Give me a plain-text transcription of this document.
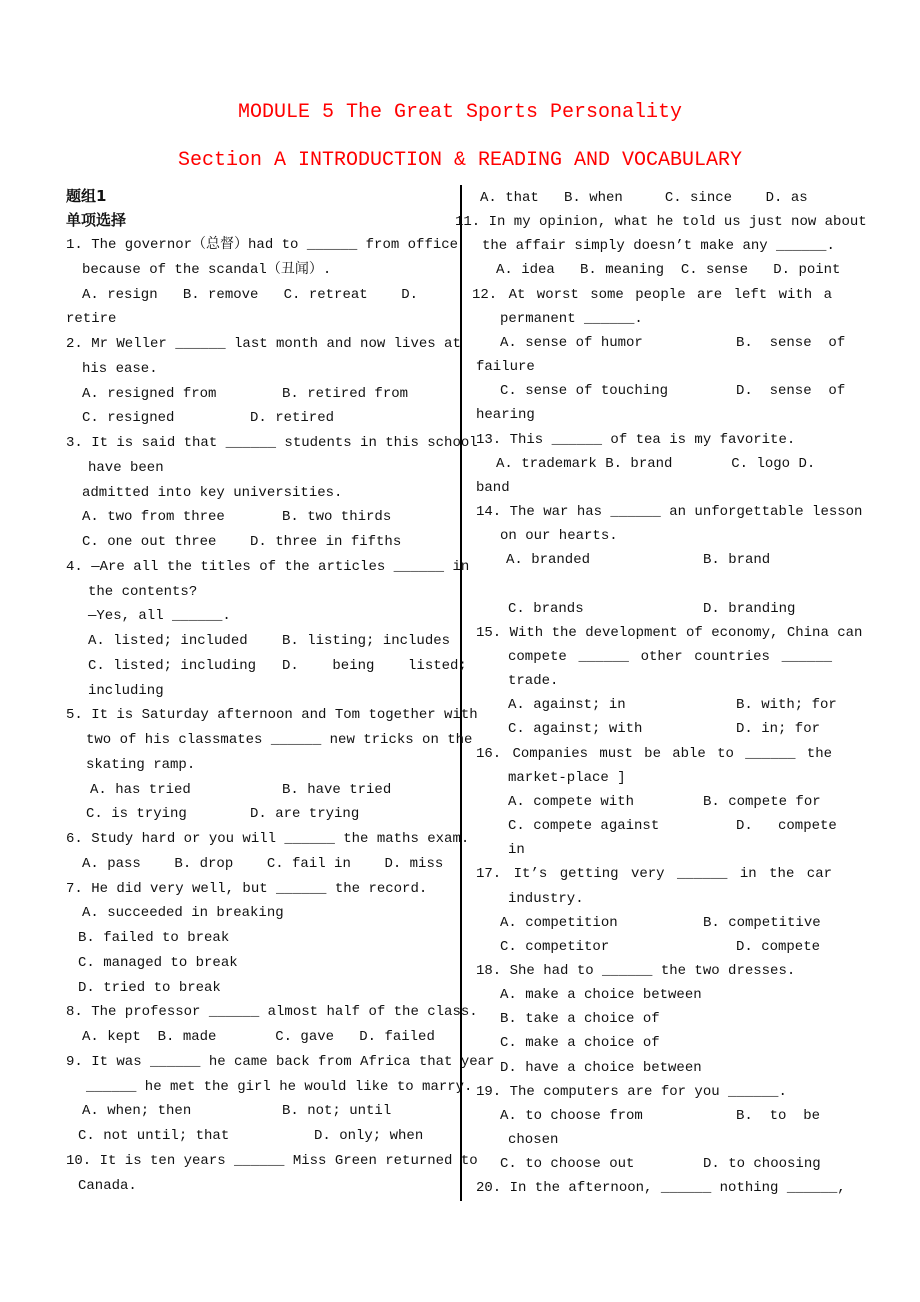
MODULE 5 The Great Sports Personality
Section A INTRODUCTION & READING AND VOCABULARY
题组1
单项选择
1. The governor（总督）had to ______ from office
because of the scandal（丑闻）.
A. resign   B. remove   C. retreat    D.
retire
2. Mr Weller ______ last month and now lives at
his ease.
A. resigned from	B. retired from
C. resigned	D. retired
3. It is said that ______ students in this school
have been
admitted into key universities.
A. two from three	B. two thirds
C. one out three D. three in fifths
4. —Are all the titles of the articles ______ in
the contents?
—Yes, all ______.
A. listed; included B. listing; includes
C. listed; including D.    being    listed;
including
5. It is Saturday afternoon and Tom together with
two of his classmates ______ new tricks on the
skating ramp.
A. has tried	B. have tried
C. is trying	D. are trying
6. Study hard or you will ______ the maths exam.
A. pass    B. drop    C. fail in    D. miss
7. He did very well, but ______ the record.
A. succeeded in breaking
B. failed to break
C. managed to break
D. tried to break
8. The professor ______ almost half of the class.
A. kept  B. made       C. gave   D. failed
9. It was ______ he came back from Africa that year
______ he met the girl he would like to marry.
A. when; then	B. not; until
C. not until; that	D. only; when
10. It is ten years ______ Miss Green returned to
Canada.
A. that   B. when     C. since    D. as
11. In my opinion, what he told us just now about
the affair simply doesn’t make any ______.
A. idea   B. meaning  C. sense   D. point
12. At worst some people are left with a
permanent ______.
A. sense of humor	B.  sense  of
failure
C. sense of touching	D.  sense  of
hearing
13. This ______ of tea is my favorite.
A. trademark B. brand       C. logo D.
band
14. The war has ______ an unforgettable lesson
on our hearts.
A. branded	B. brand
C. brands	D. branding
15. With the development of economy, China can
compete ______ other countries ______
trade.
A. against; in	B. with; for
C. against; with	D. in; for
16. Companies must be able to ______ the
market-place ]
A. compete with	B. compete for
C. compete against	D.   compete
in
17. It’s getting very ______ in the car
industry.
A. competition	B. competitive
C. competitor	D. compete
18. She had to ______ the two dresses.
A. make a choice between
B. take a choice of
C. make a choice of
D. have a choice between
19. The computers are for you ______.
A. to choose from	B.  to  be
chosen
C. to choose out	D. to choosing
20. In the afternoon, ______ nothing ______,
